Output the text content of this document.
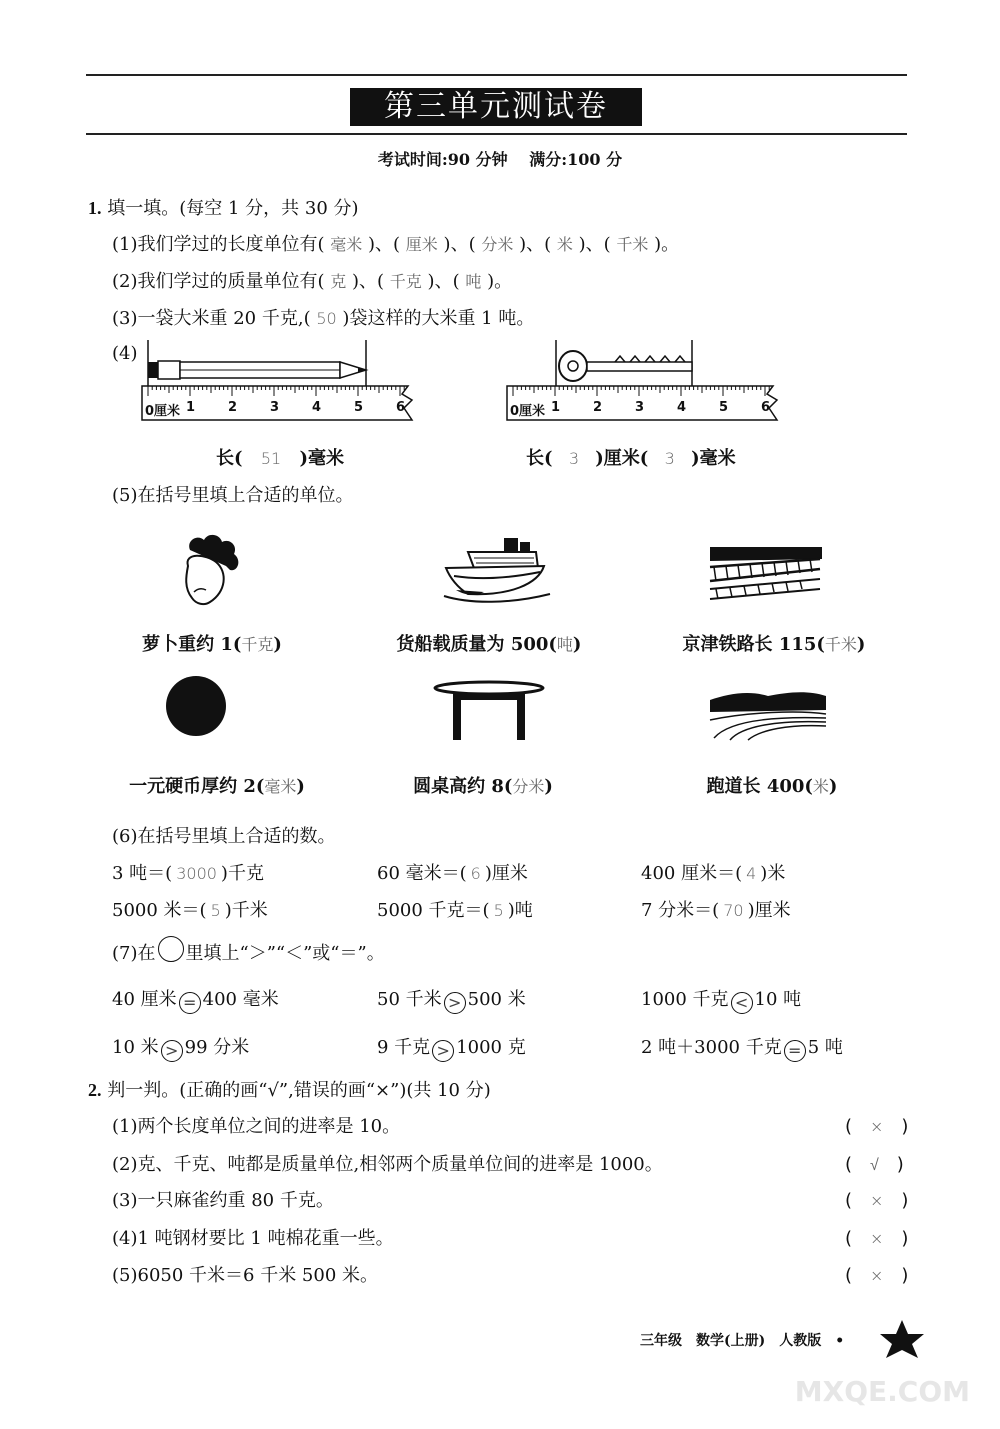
第三单元测试卷
考试时间:90 分钟　 满分:100 分
1. 填一填。(每空 1 分，共 30 分)
(1)我们学过的长度单位有( 毫米 )、( 厘米 )、( 分米 )、( 米 )、( 千米 )。
(2)我们学过的质量单位有( 克 )、( 千克 )、( 吨 )。
(3)一袋大米重 20 千克,( 50 )袋这样的大米重 1 吨。
(4)
0厘米	0厘米
1	2	3	4	5	6	1	2	3	4	5	6
长( 51 )毫米	长( 3 )厘米( 3 )毫米
(5)在括号里填上合适的单位。
萝卜重约 1(千克)	货船载质量为 500(吨)	京津铁路长 115(千米)
一元硬币厚约 2(毫米)	圆桌高约 8(分米)	跑道长 400(米)
(6)在括号里填上合适的数。
3 吨＝( 3000 )千克	60 毫米＝( 6 )厘米	400 厘米＝( 4 )米
5000 米＝( 5 )千米	5000 千克＝( 5 )吨	7 分米＝( 70 )厘米
(7)在 里填上“＞”“＜”或“＝”。
40 厘米 = 400 毫米	50 千米 > 500 米	1000 千克 < 10 吨
10 米 > 99 分米	9 千克 > 1000 克	2 吨＋3000 千克 = 5 吨
2. 判一判。(正确的画“√”,错误的画“×”)(共 10 分)
(1)两个长度单位之间的进率是 10。	(　×　)
(2)克、千克、吨都是质量单位,相邻两个质量单位间的进率是 1000。	(　√　)
(3)一只麻雀约重 80 千克。	(　×　)
(4)1 吨钢材要比 1 吨棉花重一些。	(　×　)
(5)6050 千米＝6 千米 500 米。	(　×　)
三年级　数学(上册)　人教版　•
MXQE.COM
